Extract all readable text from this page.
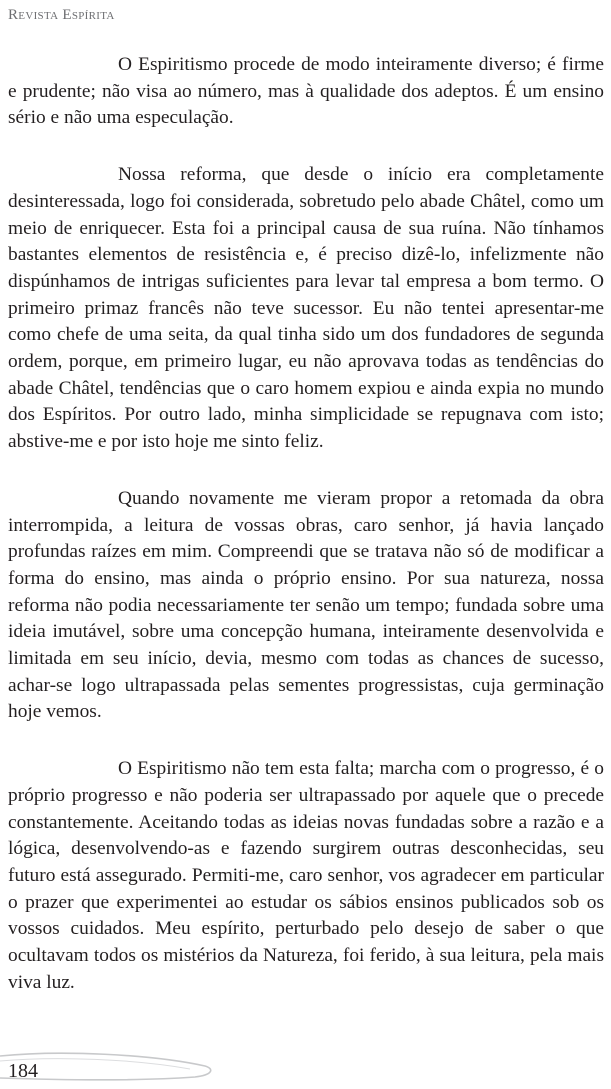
Revista Espírita

O Espiritismo procede de modo inteiramente diverso; é firme e prudente; não visa ao número, mas à qualidade dos adeptos. É um ensino sério e não uma especulação.

Nossa reforma, que desde o início era completamente desinteressada, logo foi considerada, sobretudo pelo abade Châtel, como um meio de enriquecer. Esta foi a principal causa de sua ruína. Não tínhamos bastantes elementos de resistência e, é preciso dizê-lo, infelizmente não dispúnhamos de intrigas suficientes para levar tal empresa a bom termo. O primeiro primaz francês não teve sucessor. Eu não tentei apresentar-me como chefe de uma seita, da qual tinha sido um dos fundadores de segunda ordem, porque, em primeiro lugar, eu não aprovava todas as tendências do abade Châtel, tendências que o caro homem expiou e ainda expia no mundo dos Espíritos. Por outro lado, minha simplicidade se repugnava com isto; abstive-me e por isto hoje me sinto feliz.

Quando novamente me vieram propor a retomada da obra interrompida, a leitura de vossas obras, caro senhor, já havia lançado profundas raízes em mim. Compreendi que se tratava não só de modificar a forma do ensino, mas ainda o próprio ensino. Por sua natureza, nossa reforma não podia necessariamente ter senão um tempo; fundada sobre uma ideia imutável, sobre uma concepção humana, inteiramente desenvolvida e limitada em seu início, devia, mesmo com todas as chances de sucesso, achar-se logo ultrapassada pelas sementes progressistas, cuja germinação hoje vemos.

O Espiritismo não tem esta falta; marcha com o progresso, é o próprio progresso e não poderia ser ultrapassado por aquele que o precede constantemente. Aceitando todas as ideias novas fundadas sobre a razão e a lógica, desenvolvendo-as e fazendo surgirem outras desconhecidas, seu futuro está assegurado. Permiti-me, caro senhor, vos agradecer em particular o prazer que experimentei ao estudar os sábios ensinos publicados sob os vossos cuidados. Meu espírito, perturbado pelo desejo de saber o que ocultavam todos os mistérios da Natureza, foi ferido, à sua leitura, pela mais viva luz.

184
